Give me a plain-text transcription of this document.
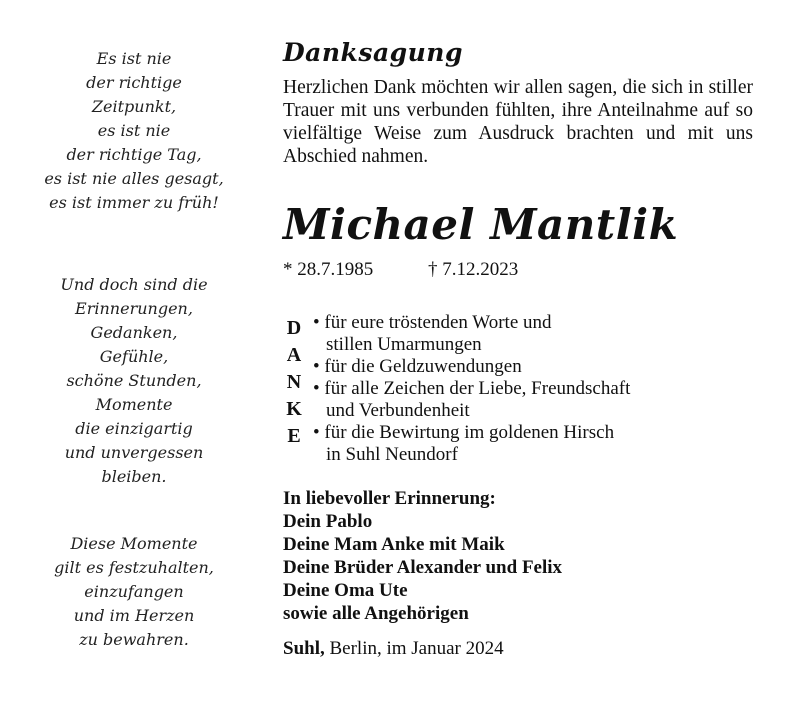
Es ist nie
der richtige
Zeitpunkt,
es ist nie
der richtige Tag,
es ist nie alles gesagt,
es ist immer zu früh!
Und doch sind die
Erinnerungen,
Gedanken,
Gefühle,
schöne Stunden,
Momente
die einzigartig
und unvergessen
bleiben.
Diese Momente
gilt es festzuhalten,
einzufangen
und im Herzen
zu bewahren.
Danksagung
Herzlichen Dank möchten wir allen sagen, die sich in stiller Trauer mit uns verbunden fühlten, ihre Anteilnahme auf so vielfältige Weise zum Ausdruck brachten und mit uns Abschied nahmen.
Michael Mantlik
* 28.7.1985	† 7.12.2023
D
A
N
K
E
• für eure tröstenden Worte und
stillen Umarmungen
• für die Geldzuwendungen
• für alle Zeichen der Liebe, Freundschaft
und Verbundenheit
• für die Bewirtung im goldenen Hirsch
in Suhl Neundorf
In liebevoller Erinnerung:
Dein Pablo
Deine Mam Anke mit Maik
Deine Brüder Alexander und Felix
Deine Oma Ute
sowie alle Angehörigen
Suhl, Berlin, im Januar 2024
